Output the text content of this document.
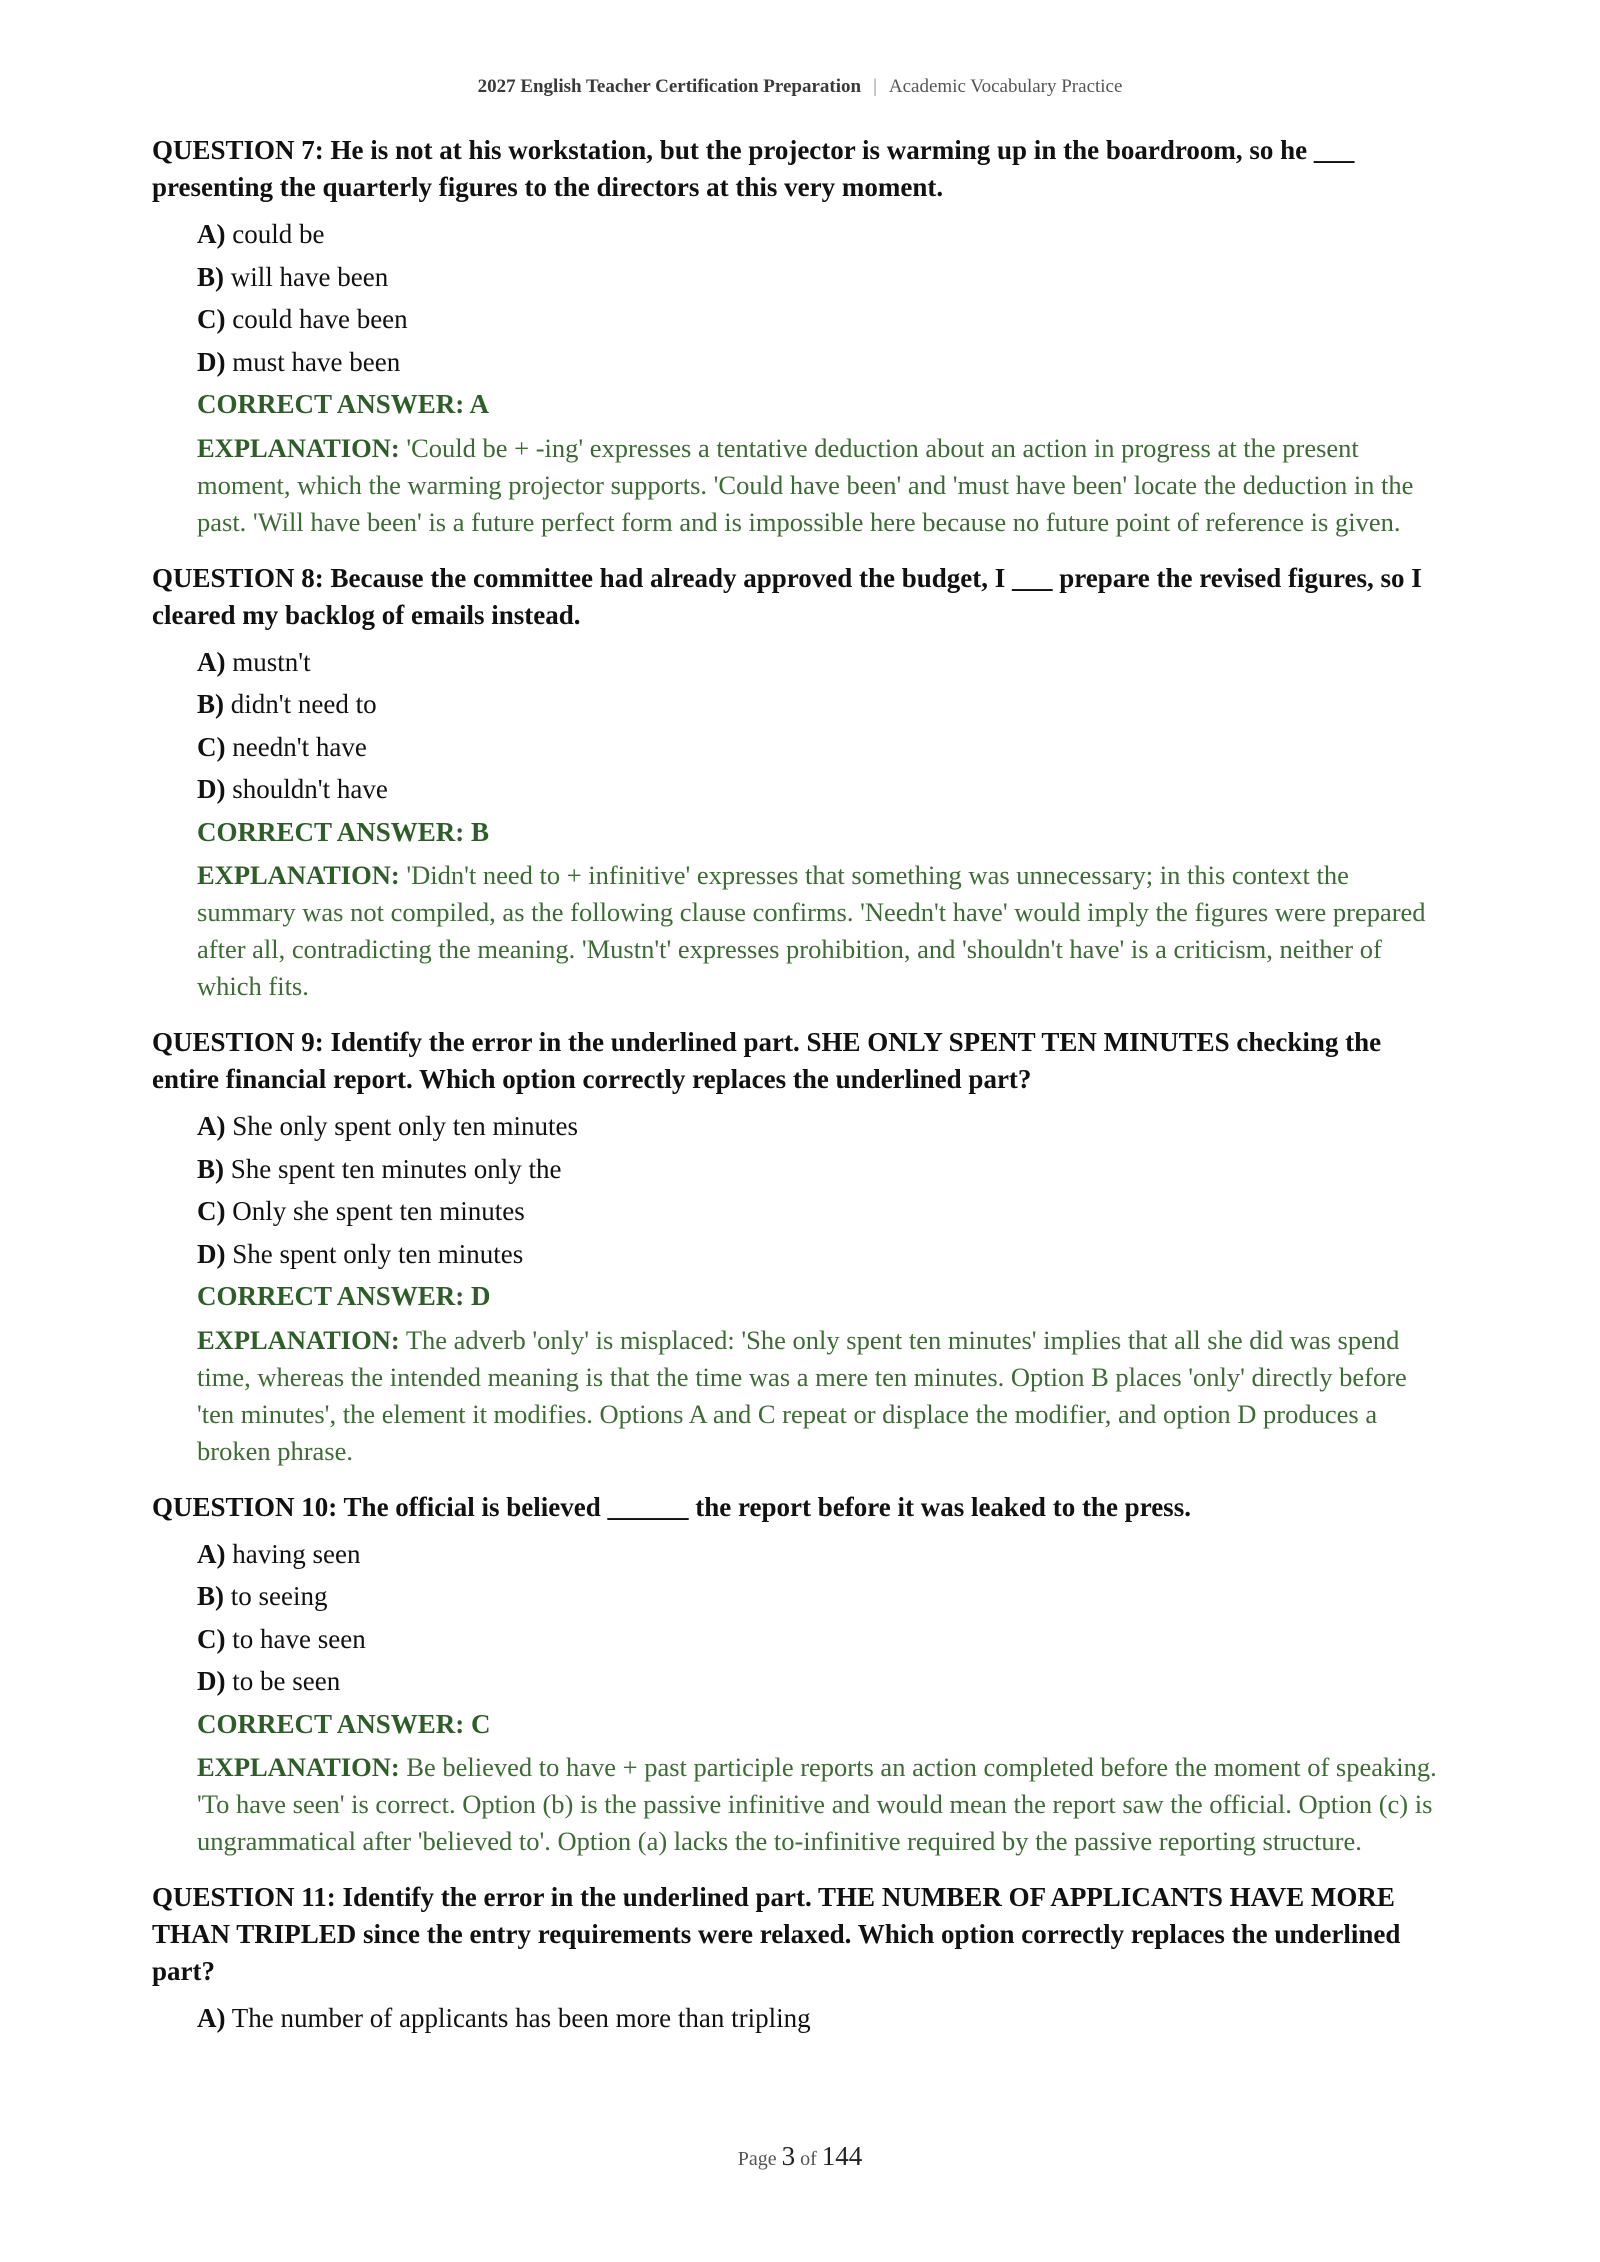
2027 English Teacher Certification Preparation | Academic Vocabulary Practice
QUESTION 7: He is not at his workstation, but the projector is warming up in the boardroom, so he ___ presenting the quarterly figures to the directors at this very moment.
A) could be
B) will have been
C) could have been
D) must have been
CORRECT ANSWER: A
EXPLANATION: 'Could be + -ing' expresses a tentative deduction about an action in progress at the present moment, which the warming projector supports. 'Could have been' and 'must have been' locate the deduction in the past. 'Will have been' is a future perfect form and is impossible here because no future point of reference is given.
QUESTION 8: Because the committee had already approved the budget, I ___ prepare the revised figures, so I cleared my backlog of emails instead.
A) mustn't
B) didn't need to
C) needn't have
D) shouldn't have
CORRECT ANSWER: B
EXPLANATION: 'Didn't need to + infinitive' expresses that something was unnecessary; in this context the summary was not compiled, as the following clause confirms. 'Needn't have' would imply the figures were prepared after all, contradicting the meaning. 'Mustn't' expresses prohibition, and 'shouldn't have' is a criticism, neither of which fits.
QUESTION 9: Identify the error in the underlined part. SHE ONLY SPENT TEN MINUTES checking the entire financial report. Which option correctly replaces the underlined part?
A) She only spent only ten minutes
B) She spent ten minutes only the
C) Only she spent ten minutes
D) She spent only ten minutes
CORRECT ANSWER: D
EXPLANATION: The adverb 'only' is misplaced: 'She only spent ten minutes' implies that all she did was spend time, whereas the intended meaning is that the time was a mere ten minutes. Option B places 'only' directly before 'ten minutes', the element it modifies. Options A and C repeat or displace the modifier, and option D produces a broken phrase.
QUESTION 10: The official is believed ______ the report before it was leaked to the press.
A) having seen
B) to seeing
C) to have seen
D) to be seen
CORRECT ANSWER: C
EXPLANATION: Be believed to have + past participle reports an action completed before the moment of speaking. 'To have seen' is correct. Option (b) is the passive infinitive and would mean the report saw the official. Option (c) is ungrammatical after 'believed to'. Option (a) lacks the to-infinitive required by the passive reporting structure.
QUESTION 11: Identify the error in the underlined part. THE NUMBER OF APPLICANTS HAVE MORE THAN TRIPLED since the entry requirements were relaxed. Which option correctly replaces the underlined part?
A) The number of applicants has been more than tripling
Page 3 of 144
